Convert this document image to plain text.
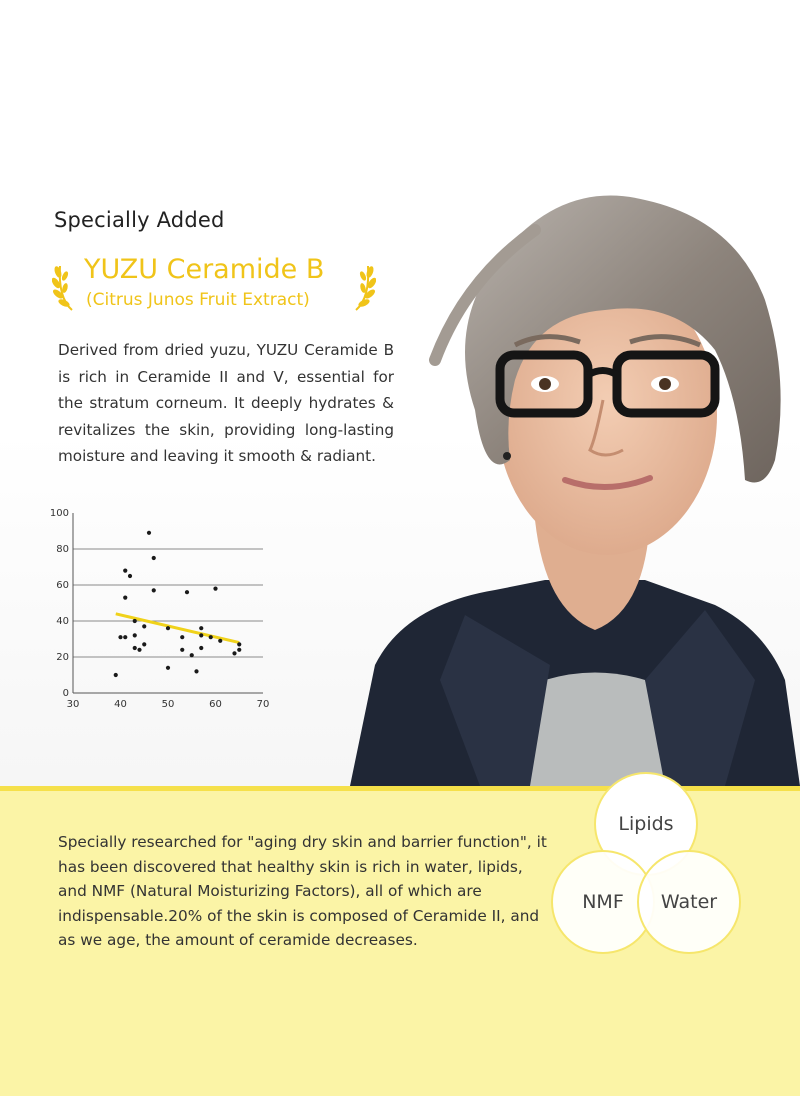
Specially Added
YUZU Ceramide B
(Citrus Junos Fruit Extract)
Derived from dried yuzu, YUZU Ceramide B is rich in Ceramide II and V, essential for the stratum corneum. It deeply hydrates & revitalizes the skin, providing long-lasting moisture and leaving it smooth & radiant.
0
20
40
60
80
100
30	40	50	60	70
Specially researched for "aging dry skin and barrier function", it has been discovered that healthy skin is rich in water, lipids, and NMF (Natural Moisturizing Factors), all of which are indispensable.20% of the skin is composed of Ceramide II, and as we age, the amount of ceramide decreases.
Lipids
NMF Water
